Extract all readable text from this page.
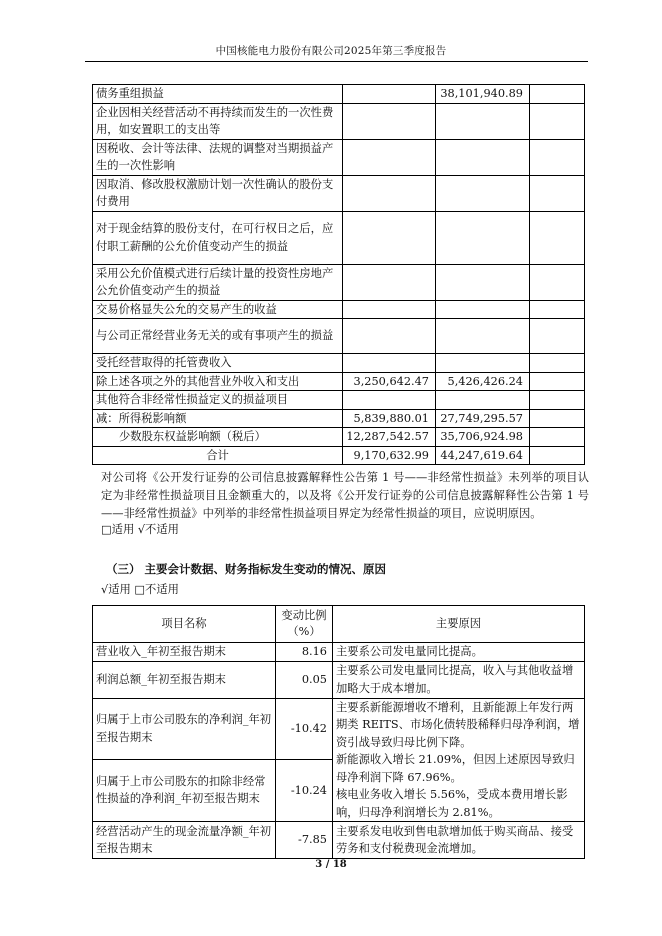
中国核能电力股份有限公司2025年第三季度报告
债务重组损益		38,101,940.89	
企业因相关经营活动不再持续而发生的一次性费用，如安置职工的支出等			
因税收、会计等法律、法规的调整对当期损益产生的一次性影响			
因取消、修改股权激励计划一次性确认的股份支付费用			
对于现金结算的股份支付，在可行权日之后，应付职工薪酬的公允价值变动产生的损益			
采用公允价值模式进行后续计量的投资性房地产公允价值变动产生的损益			
交易价格显失公允的交易产生的收益			
与公司正常经营业务无关的或有事项产生的损益			
受托经营取得的托管费收入			
除上述各项之外的其他营业外收入和支出	3,250,642.47	5,426,426.24	
其他符合非经常性损益定义的损益项目			
减：所得税影响额	5,839,880.01	27,749,295.57	
少数股东权益影响额（税后）	12,287,542.57	35,706,924.98	
合计	9,170,632.99	44,247,619.64	
对公司将《公开发行证券的公司信息披露解释性公告第 1 号——非经常性损益》未列举的项目认定为非经常性损益项目且金额重大的，以及将《公开发行证券的公司信息披露解释性公告第 1 号——非经常性损益》中列举的非经常性损益项目界定为经常性损益的项目，应说明原因。
□适用 √不适用
（三） 主要会计数据、财务指标发生变动的情况、原因
√适用 □不适用
项目名称	变动比例（%）	主要原因
营业收入_年初至报告期末	8.16	主要系公司发电量同比提高。
利润总额_年初至报告期末	0.05	主要系公司发电量同比提高，收入与其他收益增加略大于成本增加。
归属于上市公司股东的净利润_年初至报告期末	-10.42	主要系新能源增收不增利，且新能源上年发行两期类 REITS、市场化债转股稀释归母净利润，增资引战导致归母比例下降。
新能源收入增长 21.09%，但因上述原因导致归母净利润下降 67.96%。
核电业务收入增长 5.56%，受成本费用增长影响，归母净利润增长为 2.81%。

归属于上市公司股东的扣除非经常性损益的净利润_年初至报告期末	-10.24	
经营活动产生的现金流量净额_年初至报告期末	-7.85	主要系发电收到售电款增加低于购买商品、接受劳务和支付税费现金流增加。
3 / 18
